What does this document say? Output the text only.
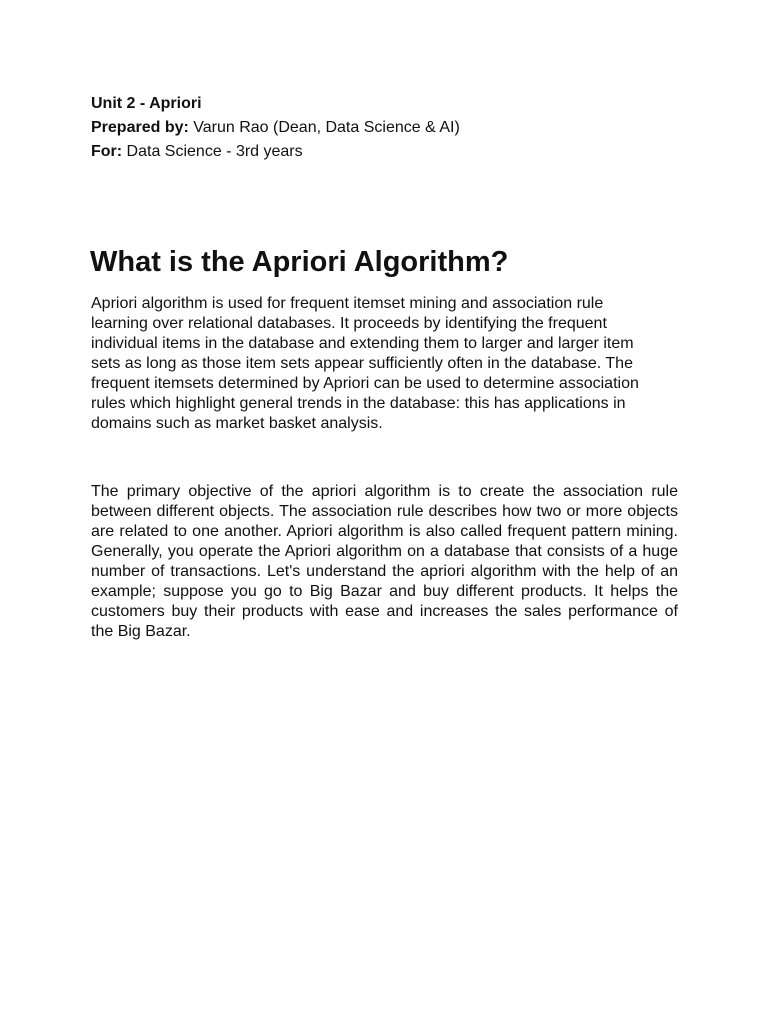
Unit 2 - Apriori
Prepared by: Varun Rao (Dean, Data Science & AI)
For: Data Science - 3rd years
What is the Apriori Algorithm?

Apriori algorithm is used for frequent itemset mining and association rule learning over relational databases. It proceeds by identifying the frequent individual items in the database and extending them to larger and larger item sets as long as those item sets appear sufficiently often in the database. The frequent itemsets determined by Apriori can be used to determine association rules which highlight general trends in the database: this has applications in domains such as market basket analysis.

The primary objective of the apriori algorithm is to create the association rule between different objects. The association rule describes how two or more objects are related to one another. Apriori algorithm is also called frequent pattern mining. Generally, you operate the Apriori algorithm on a database that consists of a huge number of transactions. Let's understand the apriori algorithm with the help of an example; suppose you go to Big Bazar and buy different products. It helps the customers buy their products with ease and increases the sales performance of the Big Bazar.
